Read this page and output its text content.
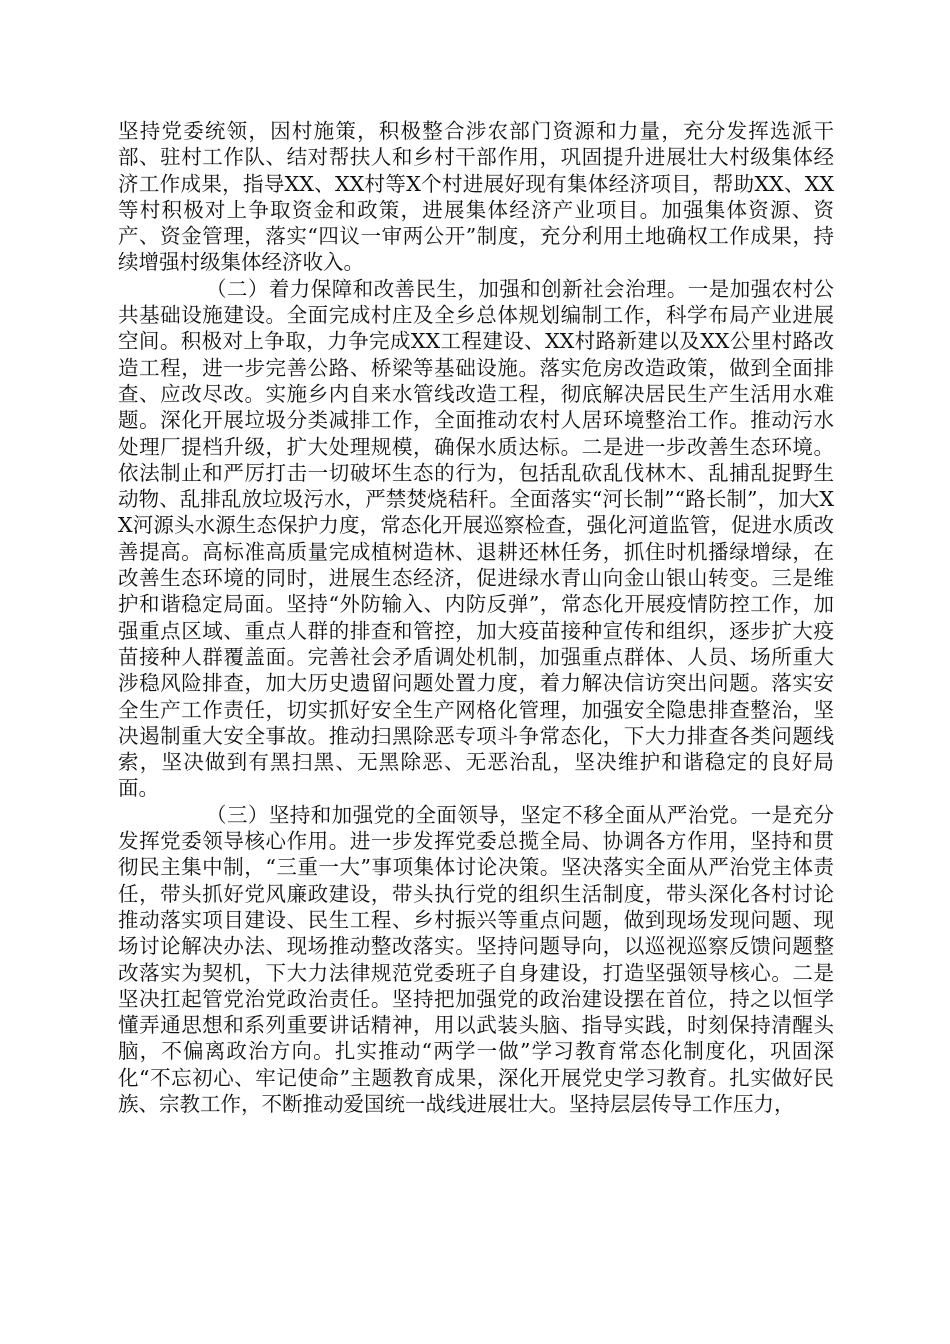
坚持党委统领，因村施策，积极整合涉农部门资源和力量，充分发挥选派干部、驻村工作队、结对帮扶人和乡村干部作用，巩固提升进展壮大村级集体经济工作成果，指导XX、XX村等X个村进展好现有集体经济项目，帮助XX、XX等村积极对上争取资金和政策，进展集体经济产业项目。加强集体资源、资产、资金管理，落实“四议一审两公开”制度，充分利用土地确权工作成果，持续增强村级集体经济收入。

（二）着力保障和改善民生，加强和创新社会治理。一是加强农村公共基础设施建设。全面完成村庄及全乡总体规划编制工作，科学布局产业进展空间。积极对上争取，力争完成XX工程建设、XX村路新建以及XX公里村路改造工程，进一步完善公路、桥梁等基础设施。落实危房改造政策，做到全面排查、应改尽改。实施乡内自来水管线改造工程，彻底解决居民生产生活用水难题。深化开展垃圾分类减排工作，全面推动农村人居环境整治工作。推动污水处理厂提档升级，扩大处理规模，确保水质达标。二是进一步改善生态环境。依法制止和严厉打击一切破坏生态的行为，包括乱砍乱伐林木、乱捕乱捉野生动物、乱排乱放垃圾污水，严禁焚烧秸秆。全面落实“河长制”“路长制”，加大XX河源头水源生态保护力度，常态化开展巡察检查，强化河道监管，促进水质改善提高。高标准高质量完成植树造林、退耕还林任务，抓住时机播绿增绿，在改善生态环境的同时，进展生态经济，促进绿水青山向金山银山转变。三是维护和谐稳定局面。坚持“外防输入、内防反弹”，常态化开展疫情防控工作，加强重点区域、重点人群的排查和管控，加大疫苗接种宣传和组织，逐步扩大疫苗接种人群覆盖面。完善社会矛盾调处机制，加强重点群体、人员、场所重大涉稳风险排查，加大历史遗留问题处置力度，着力解决信访突出问题。落实安全生产工作责任，切实抓好安全生产网格化管理，加强安全隐患排查整治，坚决遏制重大安全事故。推动扫黑除恶专项斗争常态化，下大力排查各类问题线索，坚决做到有黑扫黑、无黑除恶、无恶治乱，坚决维护和谐稳定的良好局面。

（三）坚持和加强党的全面领导，坚定不移全面从严治党。一是充分发挥党委领导核心作用。进一步发挥党委总揽全局、协调各方作用，坚持和贯彻民主集中制，“三重一大”事项集体讨论决策。坚决落实全面从严治党主体责任，带头抓好党风廉政建设，带头执行党的组织生活制度，带头深化各村讨论推动落实项目建设、民生工程、乡村振兴等重点问题，做到现场发现问题、现场讨论解决办法、现场推动整改落实。坚持问题导向，以巡视巡察反馈问题整改落实为契机，下大力法律规范党委班子自身建设，打造坚强领导核心。二是坚决扛起管党治党政治责任。坚持把加强党的政治建设摆在首位，持之以恒学懂弄通思想和系列重要讲话精神，用以武装头脑、指导实践，时刻保持清醒头脑，不偏离政治方向。扎实推动“两学一做”学习教育常态化制度化，巩固深化“不忘初心、牢记使命”主题教育成果，深化开展党史学习教育。扎实做好民族、宗教工作，不断推动爱国统一战线进展壮大。坚持层层传导工作压力，
